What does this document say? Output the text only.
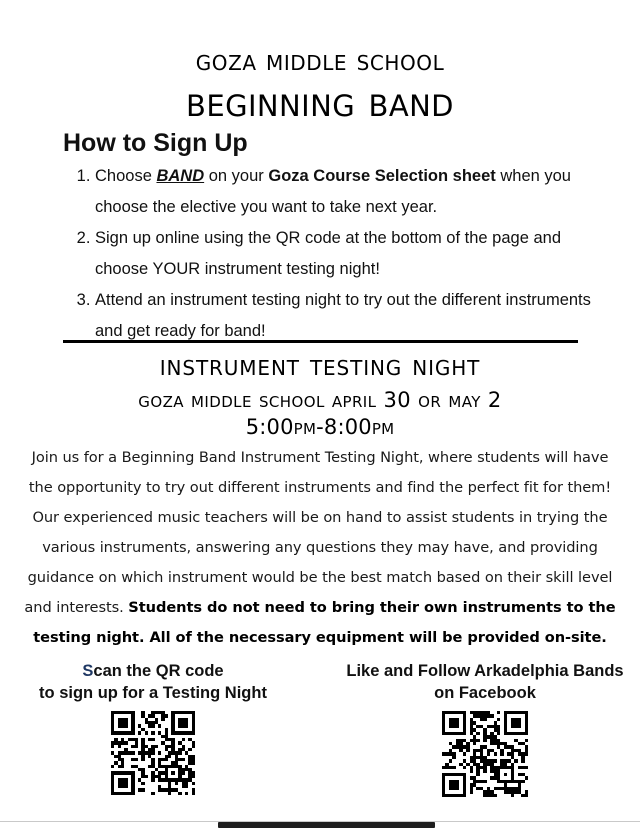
goza middle school
beginning band
How to Sign Up
1. Choose BAND on your Goza Course Selection sheet when you choose the elective you want to take next year.
2. Sign up online using the QR code at the bottom of the page and choose YOUR instrument testing night!
3. Attend an instrument testing night to try out the different instruments and get ready for band!
instrument testing night
goza middle school april 30 or may 2
5:00pm-8:00pm
Join us for a Beginning Band Instrument Testing Night, where students will have the opportunity to try out different instruments and find the perfect fit for them! Our experienced music teachers will be on hand to assist students in trying the various instruments, answering any questions they may have, and providing guidance on which instrument would be the best match based on their skill level and interests. Students do not need to bring their own instruments to the testing night. All of the necessary equipment will be provided on-site.

Scan the QR code

to sign up for a Testing Night

Like and Follow Arkadelphia Bands

on Facebook
